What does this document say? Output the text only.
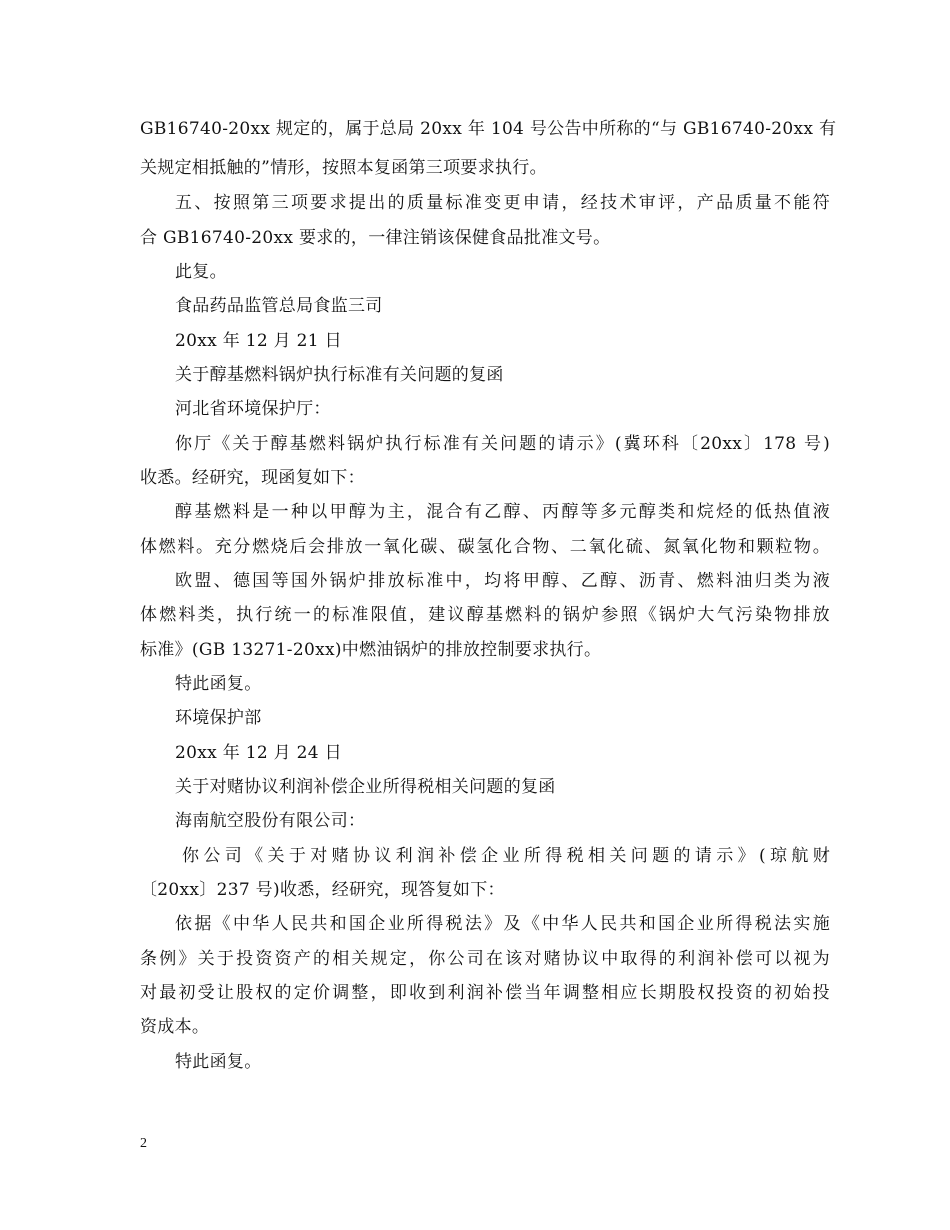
GB16740-20xx 规定的，属于总局 20xx 年 104 号公告中所称的“与 GB16740-20xx 有
关规定相抵触的”情形，按照本复函第三项要求执行。
五、按照第三项要求提出的质量标准变更申请，经技术审评，产品质量不能符
合 GB16740-20xx 要求的，一律注销该保健食品批准文号。
此复。
食品药品监管总局食监三司
20xx 年 12 月 21 日
关于醇基燃料锅炉执行标准有关问题的复函
河北省环境保护厅：
你厅《关于醇基燃料锅炉执行标准有关问题的请示》(冀环科〔20xx〕178 号)
收悉。经研究，现函复如下：
醇基燃料是一种以甲醇为主，混合有乙醇、丙醇等多元醇类和烷烃的低热值液
体燃料。充分燃烧后会排放一氧化碳、碳氢化合物、二氧化硫、氮氧化物和颗粒物。
欧盟、德国等国外锅炉排放标准中，均将甲醇、乙醇、沥青、燃料油归类为液
体燃料类，执行统一的标准限值，建议醇基燃料的锅炉参照《锅炉大气污染物排放
标准》(GB 13271-20xx)中燃油锅炉的排放控制要求执行。
特此函复。
环境保护部
20xx 年 12 月 24 日
关于对赌协议利润补偿企业所得税相关问题的复函
海南航空股份有限公司：
你公司《关于对赌协议利润补偿企业所得税相关问题的请示》(琼航财
〔20xx〕237 号)收悉，经研究，现答复如下：
依据《中华人民共和国企业所得税法》及《中华人民共和国企业所得税法实施
条例》关于投资资产的相关规定，你公司在该对赌协议中取得的利润补偿可以视为
对最初受让股权的定价调整，即收到利润补偿当年调整相应长期股权投资的初始投
资成本。
特此函复。
2
